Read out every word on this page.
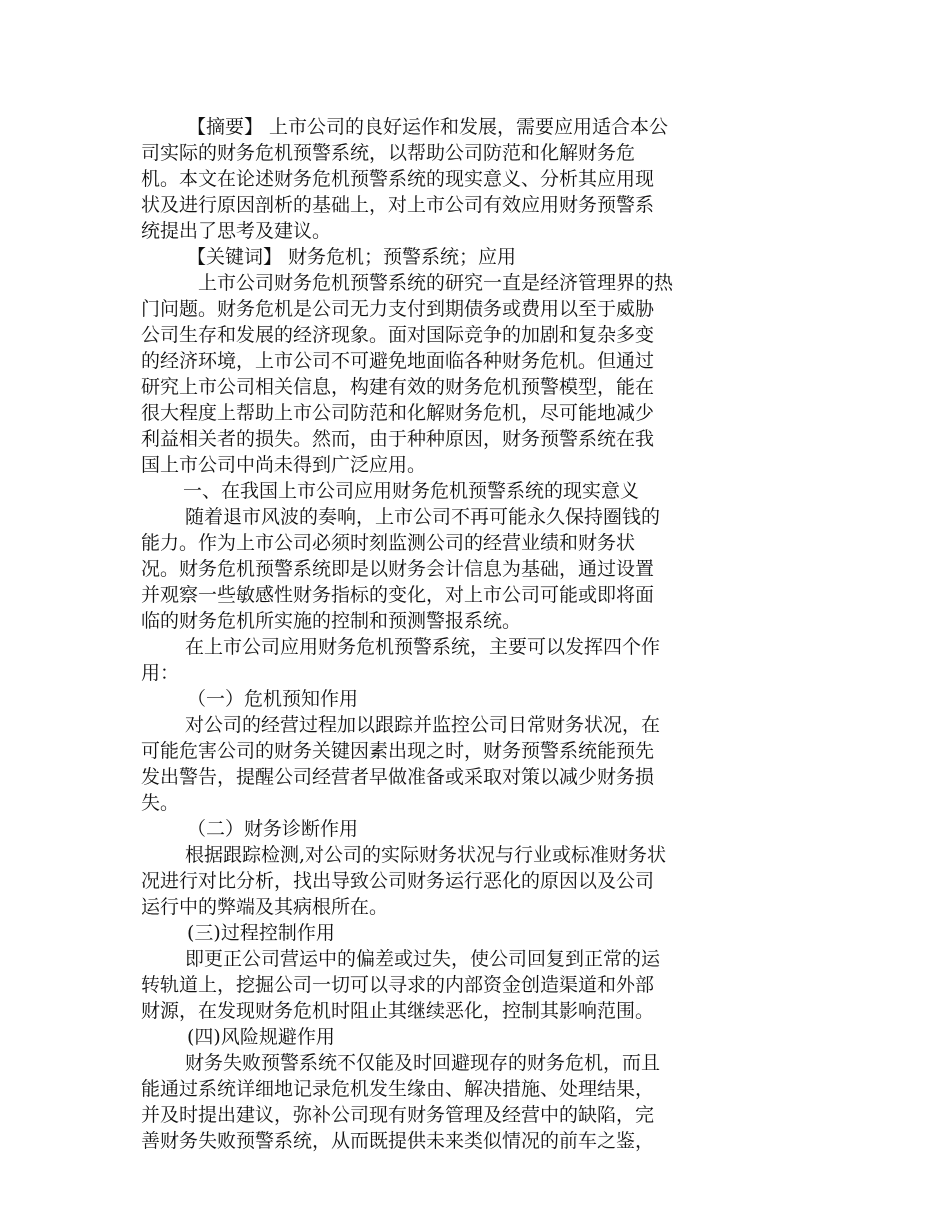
【摘要】 上市公司的良好运作和发展，需要应用适合本公
司实际的财务危机预警系统，以帮助公司防范和化解财务危
机。本文在论述财务危机预警系统的现实意义、分析其应用现
状及进行原因剖析的基础上，对上市公司有效应用财务预警系
统提出了思考及建议。
【关键词】 财务危机；预警系统；应用
上市公司财务危机预警系统的研究一直是经济管理界的热
门问题。财务危机是公司无力支付到期债务或费用以至于威胁
公司生存和发展的经济现象。面对国际竞争的加剧和复杂多变
的经济环境，上市公司不可避免地面临各种财务危机。但通过
研究上市公司相关信息，构建有效的财务危机预警模型，能在
很大程度上帮助上市公司防范和化解财务危机，尽可能地减少
利益相关者的损失。然而，由于种种原因，财务预警系统在我
国上市公司中尚未得到广泛应用。
一、在我国上市公司应用财务危机预警系统的现实意义
随着退市风波的奏响，上市公司不再可能永久保持圈钱的
能力。作为上市公司必须时刻监测公司的经营业绩和财务状
况。财务危机预警系统即是以财务会计信息为基础，通过设置
并观察一些敏感性财务指标的变化，对上市公司可能或即将面
临的财务危机所实施的控制和预测警报系统。
在上市公司应用财务危机预警系统，主要可以发挥四个作
用：
（一）危机预知作用
对公司的经营过程加以跟踪并监控公司日常财务状况，在
可能危害公司的财务关键因素出现之时，财务预警系统能预先
发出警告，提醒公司经营者早做准备或采取对策以减少财务损
失。
（二）财务诊断作用
根据跟踪检测,对公司的实际财务状况与行业或标准财务状
况进行对比分析，找出导致公司财务运行恶化的原因以及公司
运行中的弊端及其病根所在。
(三)过程控制作用
即更正公司营运中的偏差或过失，使公司回复到正常的运
转轨道上，挖掘公司一切可以寻求的内部资金创造渠道和外部
财源，在发现财务危机时阻止其继续恶化，控制其影响范围。
(四)风险规避作用
财务失败预警系统不仅能及时回避现存的财务危机，而且
能通过系统详细地记录危机发生缘由、解决措施、处理结果，
并及时提出建议，弥补公司现有财务管理及经营中的缺陷，完
善财务失败预警系统，从而既提供未来类似情况的前车之鉴，
